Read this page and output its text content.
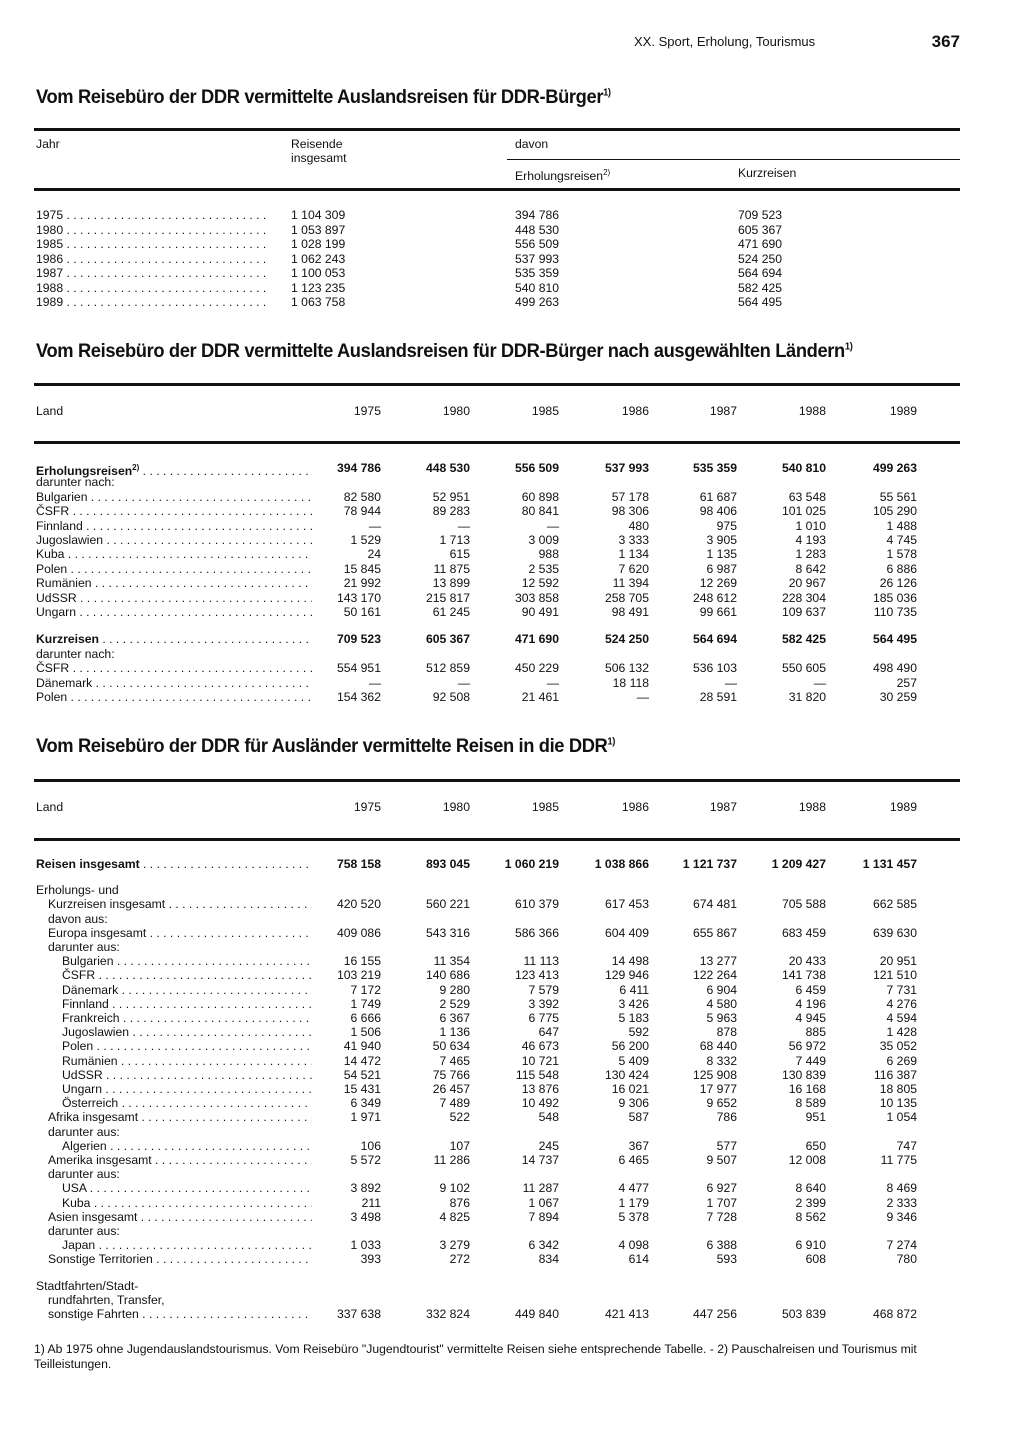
XX. Sport, Erholung, Tourismus	367
Vom Reisebüro der DDR vermittelte Auslandsreisen für DDR-Bürger$^{1)}$
Jahr	Reisende insgesamt
davon
Erholungsreisen$^{2)}$	Kurzreisen
1975 . . .	1 104 309	394 786	709 523
1980 . . .	1 053 897	448 530	605 367
1985 . . .	1 028 199	556 509	471 690
1986 . . .	1 062 243	537 993	524 250
1987 . . .	1 100 053	535 359	564 694
1988 . . .	1 123 235	540 810	582 425
1989 . . .	1 063 758	499 263	564 495
Vom Reisebüro der DDR vermittelte Auslandsreisen für DDR-Bürger nach ausgewählten Ländern$^{1)}$
Land	1975	1980	1985	1986	1987	1988	1989
Erholungsreisen$^{2)}$ . . .	394 786	448 530	556 509	537 993	535 359	540 810	499 263
darunter nach:
Bulgarien . . .	82 580	52 951	60 898	57 178	61 687	63 548	55 561
ČSFR . . .	78 944	89 283	80 841	98 306	98 406	101 025	105 290
Finnland . . .	—	—	—	480	975	1 010	1 488
Jugoslawien . . .	1 529	1 713	3 009	3 333	3 905	4 193	4 745
Kuba . . .	24	615	988	1 134	1 135	1 283	1 578
Polen . . .	15 845	11 875	2 535	7 620	6 987	8 642	6 886
Rumänien . . .	21 992	13 899	12 592	11 394	12 269	20 967	26 126
UdSSR . . .	143 170	215 817	303 858	258 705	248 612	228 304	185 036
Ungarn . . .	50 161	61 245	90 491	98 491	99 661	109 637	110 735
Kurzreisen . . .	709 523	605 367	471 690	524 250	564 694	582 425	564 495
darunter nach:
ČSFR . . .	554 951	512 859	450 229	506 132	536 103	550 605	498 490
Dänemark . . .	—	—	—	18 118	—	—	257
Polen . . .	154 362	92 508	21 461	—	28 591	31 820	30 259
Vom Reisebüro der DDR für Ausländer vermittelte Reisen in die DDR$^{1)}$
Land	1975	1980	1985	1986	1987	1988	1989
Reisen insgesamt . . .	758 158	893 045	1 060 219	1 038 866	1 121 737	1 209 427	1 131 457
Erholungs- und
Kurzreisen insgesamt . . .	420 520	560 221	610 379	617 453	674 481	705 588	662 585
davon aus:
Europa insgesamt . . .	409 086	543 316	586 366	604 409	655 867	683 459	639 630
darunter aus:
Bulgarien . . .	16 155	11 354	11 113	14 498	13 277	20 433	20 951
ČSFR . . .	103 219	140 686	123 413	129 946	122 264	141 738	121 510
Dänemark . . .	7 172	9 280	7 579	6 411	6 904	6 459	7 731
Finnland . . .	1 749	2 529	3 392	3 426	4 580	4 196	4 276
Frankreich . . .	6 666	6 367	6 775	5 183	5 963	4 945	4 594
Jugoslawien . . .	1 506	1 136	647	592	878	885	1 428
Polen . . .	41 940	50 634	46 673	56 200	68 440	56 972	35 052
Rumänien . . .	14 472	7 465	10 721	5 409	8 332	7 449	6 269
UdSSR . . .	54 521	75 766	115 548	130 424	125 908	130 839	116 387
Ungarn . . .	15 431	26 457	13 876	16 021	17 977	16 168	18 805
Österreich . . .	6 349	7 489	10 492	9 306	9 652	8 589	10 135
Afrika insgesamt . . .	1 971	522	548	587	786	951	1 054
darunter aus:
Algerien . . .	106	107	245	367	577	650	747
Amerika insgesamt . . .	5 572	11 286	14 737	6 465	9 507	12 008	11 775
darunter aus:
USA . . .	3 892	9 102	11 287	4 477	6 927	8 640	8 469
Kuba . . .	211	876	1 067	1 179	1 707	2 399	2 333
Asien insgesamt . . .	3 498	4 825	7 894	5 378	7 728	8 562	9 346
darunter aus:
Japan . . .	1 033	3 279	6 342	4 098	6 388	6 910	7 274
Sonstige Territorien . . .	393	272	834	614	593	608	780
Stadtfahrten/Stadt-
rundfahrten, Transfer,
sonstige Fahrten . . .	337 638	332 824	449 840	421 413	447 256	503 839	468 872
1) Ab 1975 ohne Jugendauslandstourismus. Vom Reisebüro "Jugendtourist" vermittelte Reisen siehe entsprechende Tabelle. - 2) Pauschalreisen und Tourismus mit Teilleistungen.
